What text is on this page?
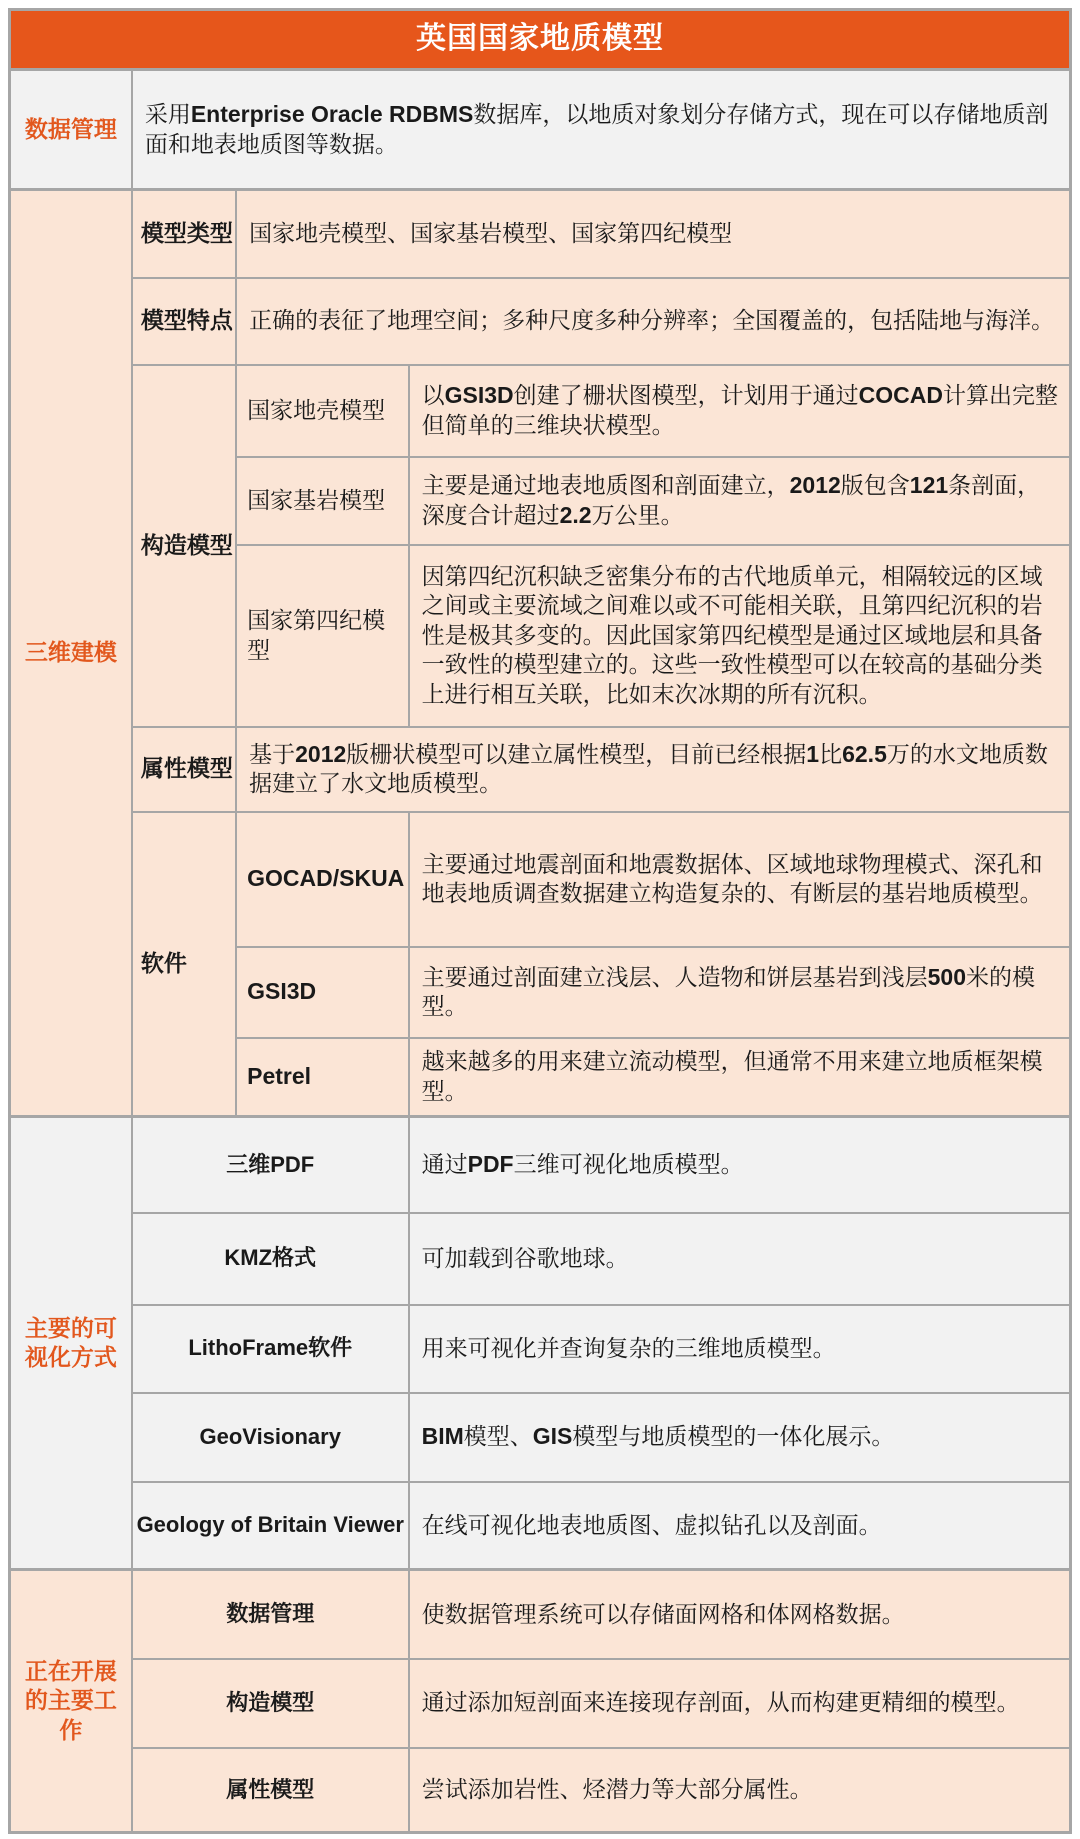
英国国家地质模型			
数据管理	采用Enterprise Oracle RDBMS数据库，以地质对象划分存储方式，现在可以存储地质剖面和地表地质图等数据。		
三维建模	模型类型	国家地壳模型、国家基岩模型、国家第四纪模型	
	模型特点	正确的表征了地理空间；多种尺度多种分辨率；全国覆盖的，包括陆地与海洋。	
	构造模型	国家地壳模型	以GSI3D创建了栅状图模型，计划用于通过COCAD计算出完整但简单的三维块状模型。
		国家基岩模型	主要是通过地表地质图和剖面建立，2012版包含121条剖面，深度合计超过2.2万公里。
		国家第四纪模型	因第四纪沉积缺乏密集分布的古代地质单元，相隔较远的区域之间或主要流域之间难以或不可能相关联，且第四纪沉积的岩性是极其多变的。因此国家第四纪模型是通过区域地层和具备一致性的模型建立的。这些一致性模型可以在较高的基础分类上进行相互关联，比如末次冰期的所有沉积。
	属性模型	基于2012版栅状模型可以建立属性模型，目前已经根据1比62.5万的水文地质数据建立了水文地质模型。	
	软件	GOCAD/SKUA	主要通过地震剖面和地震数据体、区域地球物理模式、深孔和地表地质调查数据建立构造复杂的、有断层的基岩地质模型。
		GSI3D	主要通过剖面建立浅层、人造物和饼层基岩到浅层500米的模型。
		Petrel	越来越多的用来建立流动模型，但通常不用来建立地质框架模型。
主要的可视化方式	三维PDF		通过PDF三维可视化地质模型。
	KMZ格式		可加载到谷歌地球。
	LithoFrame软件		用来可视化并查询复杂的三维地质模型。
	GeoVisionary		BIM模型、GIS模型与地质模型的一体化展示。
	Geology of Britain Viewer		在线可视化地表地质图、虚拟钻孔以及剖面。
正在开展的主要工作	数据管理		使数据管理系统可以存储面网格和体网格数据。
	构造模型		通过添加短剖面来连接现存剖面，从而构建更精细的模型。
	属性模型		尝试添加岩性、烃潜力等大部分属性。
